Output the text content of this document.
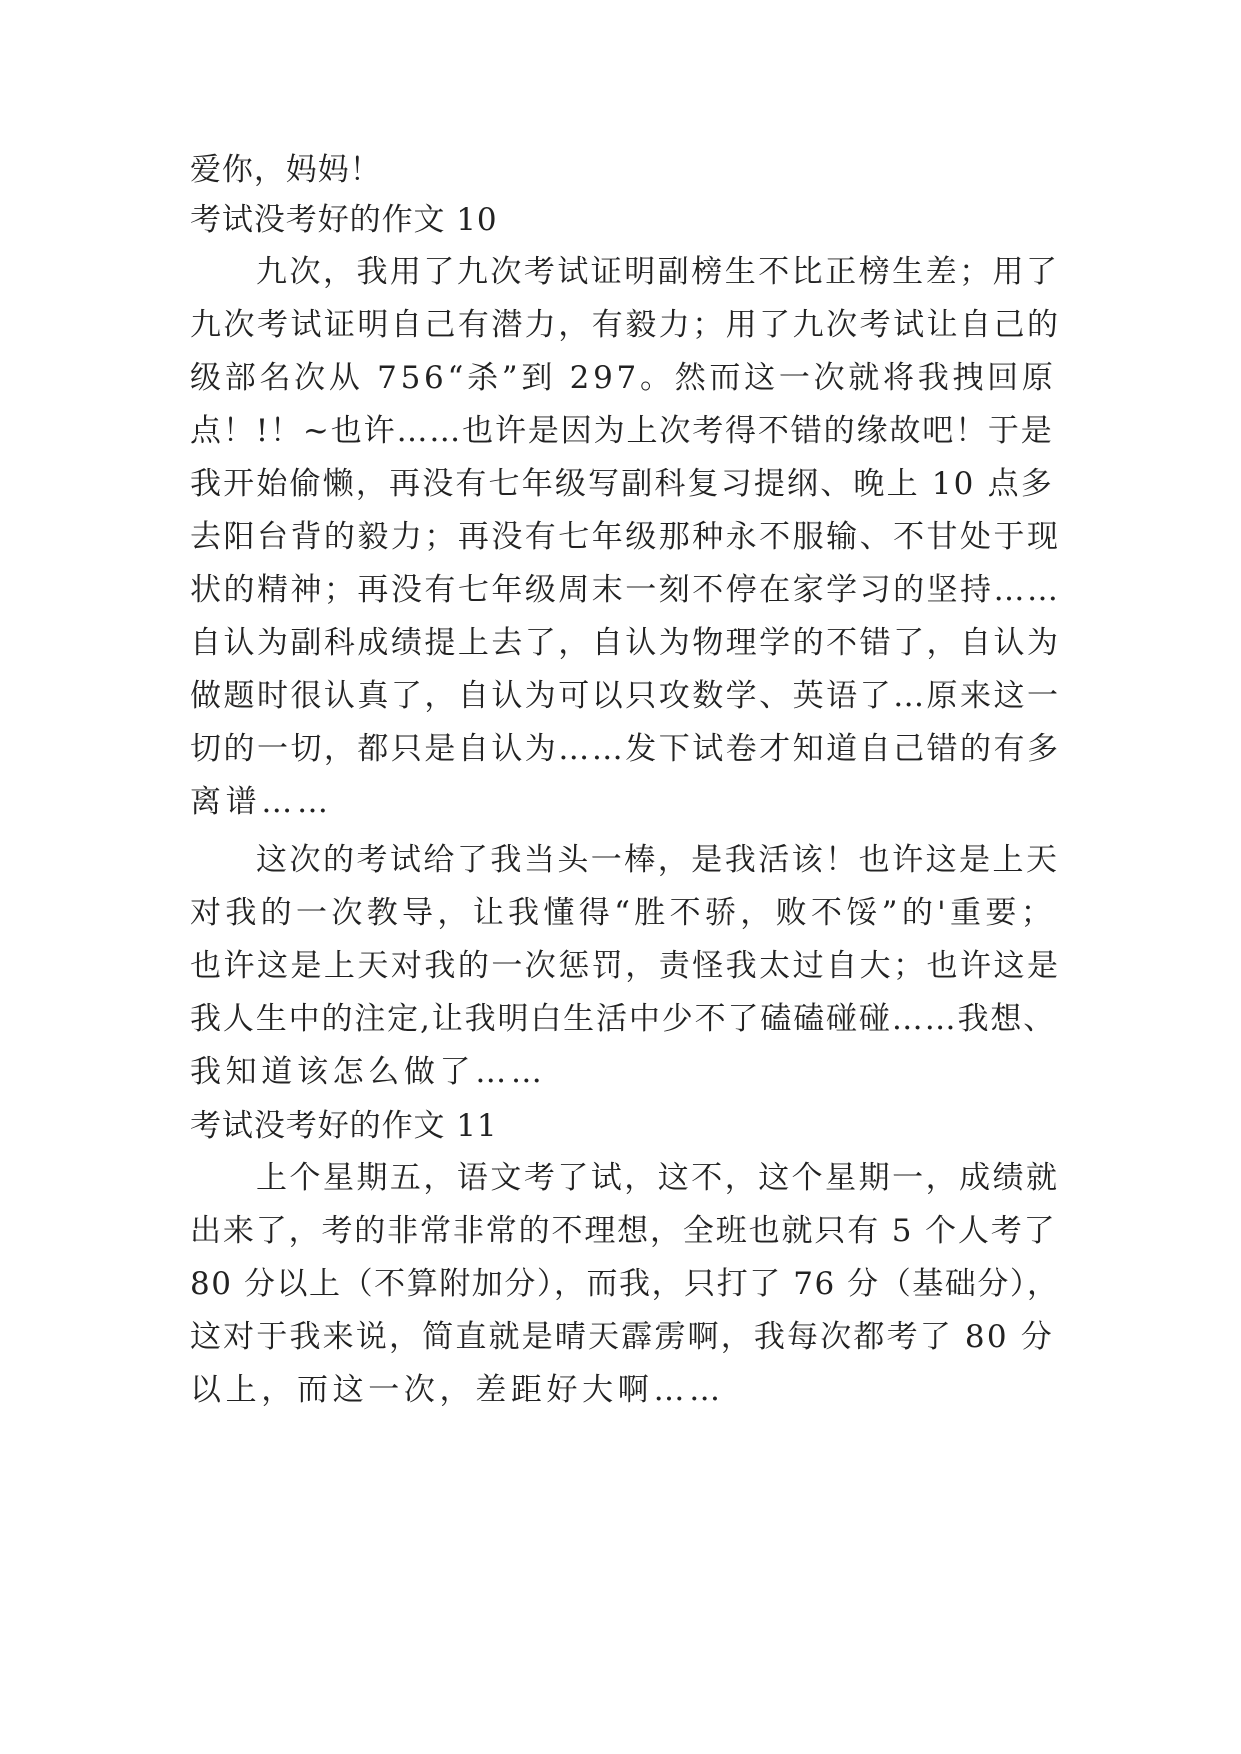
爱你，妈妈！
考试没考好的作文 10
九次，我用了九次考试证明副榜生不比正榜生差；用了
九次考试证明自己有潜力，有毅力；用了九次考试让自己的
级部名次从 756“杀”到 297。然而这一次就将我拽回原
点！!！~也许……也许是因为上次考得不错的缘故吧！于是
我开始偷懒，再没有七年级写副科复习提纲、晚上 10 点多
去阳台背的毅力；再没有七年级那种永不服输、不甘处于现
状的精神；再没有七年级周末一刻不停在家学习的坚持……
自认为副科成绩提上去了，自认为物理学的不错了，自认为
做题时很认真了，自认为可以只攻数学、英语了…原来这一
切的一切，都只是自认为……发下试卷才知道自己错的有多
离谱……
这次的考试给了我当头一棒，是我活该！也许这是上天
对我的一次教导，让我懂得“胜不骄，败不馁”的'重要；
也许这是上天对我的一次惩罚，责怪我太过自大；也许这是
我人生中的注定,让我明白生活中少不了磕磕碰碰……我想、
我知道该怎么做了……
考试没考好的作文 11
上个星期五，语文考了试，这不，这个星期一，成绩就
出来了，考的非常非常的不理想，全班也就只有 5 个人考了
80 分以上（不算附加分），而我，只打了 76 分（基础分），
这对于我来说，简直就是晴天霹雳啊，我每次都考了 80 分
以上，而这一次，差距好大啊……
